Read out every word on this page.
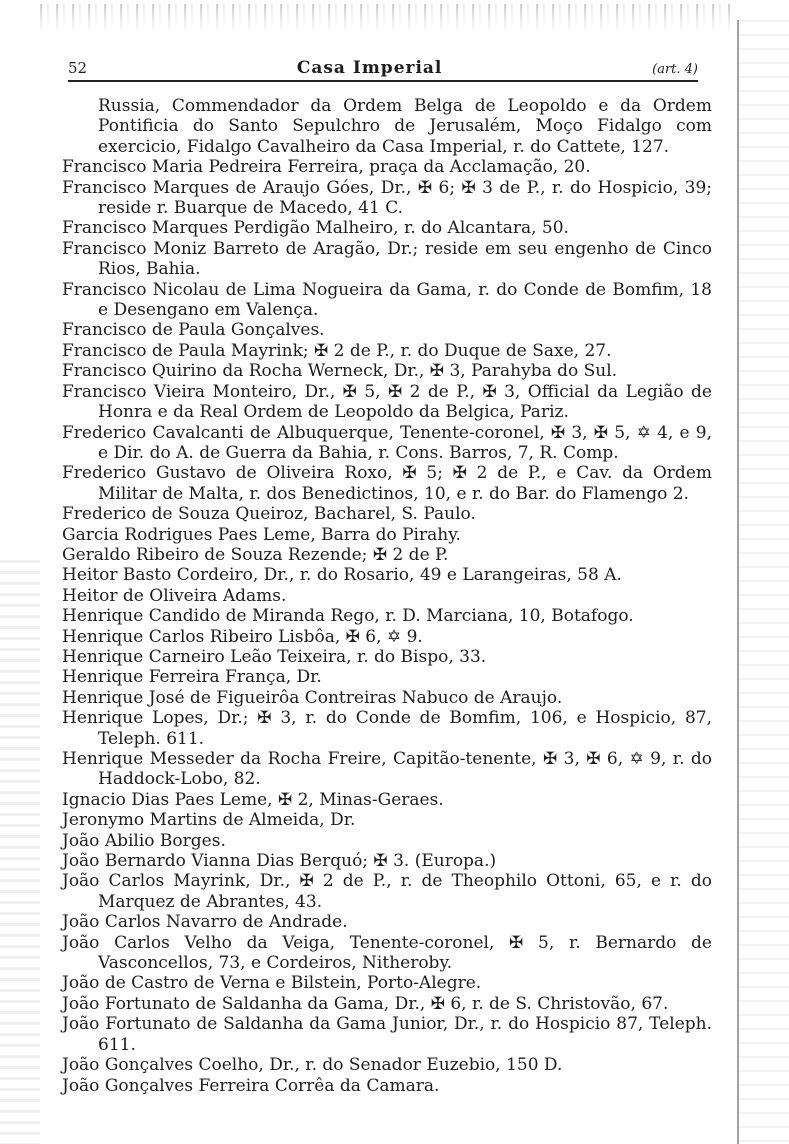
52	Casa Imperial	(art. 4)
Russia, Commendador da Ordem Belga de Leopoldo e da Ordem Pontificia do Santo Sepulchro de Jerusalém, Moço Fidalgo com exercicio, Fidalgo Cavalheiro da Casa Imperial, r. do Cattete, 127.
Francisco Maria Pedreira Ferreira, praça da Acclamação, 20.
Francisco Marques de Araujo Góes, Dr., ✠ 6; ✠ 3 de P., r. do Hospicio, 39; reside r. Buarque de Macedo, 41 C.
Francisco Marques Perdigão Malheiro, r. do Alcantara, 50.
Francisco Moniz Barreto de Aragão, Dr.; reside em seu engenho de Cinco Rios, Bahia.
Francisco Nicolau de Lima Nogueira da Gama, r. do Conde de Bomfim, 18 e Desengano em Valença.
Francisco de Paula Gonçalves.
Francisco de Paula Mayrink; ✠ 2 de P., r. do Duque de Saxe, 27.
Francisco Quirino da Rocha Werneck, Dr., ✠ 3, Parahyba do Sul.
Francisco Vieira Monteiro, Dr., ✠ 5, ✠ 2 de P., ✠ 3, Official da Legião de Honra e da Real Ordem de Leopoldo da Belgica, Pariz.
Frederico Cavalcanti de Albuquerque, Tenente-coronel, ✠ 3, ✠ 5, ✡ 4, e 9, e Dir. do A. de Guerra da Bahia, r. Cons. Barros, 7, R. Comp.
Frederico Gustavo de Oliveira Roxo, ✠ 5; ✠ 2 de P., e Cav. da Ordem Militar de Malta, r. dos Benedictinos, 10, e r. do Bar. do Flamengo 2.
Frederico de Souza Queiroz, Bacharel, S. Paulo.
Garcia Rodrigues Paes Leme, Barra do Pirahy.
Geraldo Ribeiro de Souza Rezende; ✠ 2 de P.
Heitor Basto Cordeiro, Dr., r. do Rosario, 49 e Larangeiras, 58 A.
Heitor de Oliveira Adams.
Henrique Candido de Miranda Rego, r. D. Marciana, 10, Botafogo.
Henrique Carlos Ribeiro Lisbôa, ✠ 6, ✡ 9.
Henrique Carneiro Leão Teixeira, r. do Bispo, 33.
Henrique Ferreira França, Dr.
Henrique José de Figueirôa Contreiras Nabuco de Araujo.
Henrique Lopes, Dr.; ✠ 3, r. do Conde de Bomfim, 106, e Hospicio, 87, Teleph. 611.
Henrique Messeder da Rocha Freire, Capitão-tenente, ✠ 3, ✠ 6, ✡ 9, r. do Haddock-Lobo, 82.
Ignacio Dias Paes Leme, ✠ 2, Minas-Geraes.
Jeronymo Martins de Almeida, Dr.
João Abilio Borges.
João Bernardo Vianna Dias Berquó; ✠ 3. (Europa.)
João Carlos Mayrink, Dr., ✠ 2 de P., r. de Theophilo Ottoni, 65, e r. do Marquez de Abrantes, 43.
João Carlos Navarro de Andrade.
João Carlos Velho da Veiga, Tenente-coronel, ✠ 5, r. Bernardo de Vasconcellos, 73, e Cordeiros, Nitheroby.
João de Castro de Verna e Bilstein, Porto-Alegre.
João Fortunato de Saldanha da Gama, Dr., ✠ 6, r. de S. Christovão, 67.
João Fortunato de Saldanha da Gama Junior, Dr., r. do Hospicio 87, Teleph. 611.
João Gonçalves Coelho, Dr., r. do Senador Euzebio, 150 D.
João Gonçalves Ferreira Corrêa da Camara.
